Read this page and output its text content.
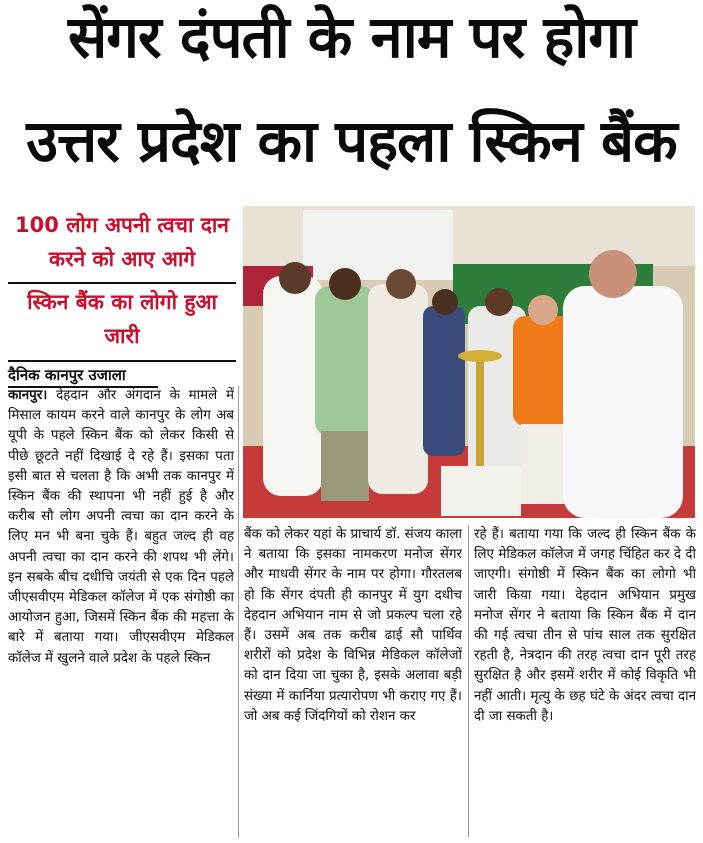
सेंगर दंपती के नाम पर होगा
उत्तर प्रदेश का पहला स्किन बैंक
100 लोग अपनी त्वचा दान करने को आए आगे
स्किन बैंक का लोगो हुआ जारी
दैनिक कानपुर उजाला
कानपुर। देहदान और अंगदान के मामले में मिसाल कायम करने वाले कानपुर के लोग अब यूपी के पहले स्किन बैंक को लेकर किसी से पीछे छूटते नहीं दिखाई दे रहे हैं। इसका पता इसी बात से चलता है कि अभी तक कानपुर में स्किन बैंक की स्थापना भी नहीं हुई है और करीब सौ लोग अपनी त्वचा का दान करने के लिए मन भी बना चुके हैं। बहुत जल्द ही वह अपनी त्वचा का दान करने की शपथ भी लेंगे। इन सबके बीच दधीचि जयंती से एक दिन पहले जीएसवीएम मेडिकल कॉलेज में एक संगोष्ठी का आयोजन हुआ, जिसमें स्किन बैंक की महत्ता के बारे में बताया गया। जीएसवीएम मेडिकल कॉलेज में खुलने वाले प्रदेश के पहले स्किन
बैंक को लेकर यहां के प्राचार्य डॉ. संजय काला ने बताया कि इसका नामकरण मनोज सेंगर और माधवी सेंगर के नाम पर होगा। गौरतलब हो कि सेंगर दंपती ही कानपुर में युग दधीच देहदान अभियान नाम से जो प्रकल्प चला रहे हैं। उसमें अब तक करीब ढाई सौ पार्थिव शरीरों को प्रदेश के विभिन्न मेडिकल कॉलेजों को दान दिया जा चुका है, इसके अलावा बड़ी संख्या में कार्निया प्रत्यारोपण भी कराए गए हैं। जो अब कई जिंदगियों को रोशन कर
रहे हैं। बताया गया कि जल्द ही स्किन बैंक के लिए मेडिकल कॉलेज में जगह चिंहित कर दे दी जाएगी। संगोष्ठी में स्किन बैंक का लोगो भी जारी किया गया। देहदान अभियान प्रमुख मनोज सेंगर ने बताया कि स्किन बैंक में दान की गई त्वचा तीन से पांच साल तक सुरक्षित रहती है, नेत्रदान की तरह त्वचा दान पूरी तरह सुरक्षित है और इसमें शरीर में कोई विकृति भी नहीं आती। मृत्यु के छह घंटे के अंदर त्वचा दान दी जा सकती है।
